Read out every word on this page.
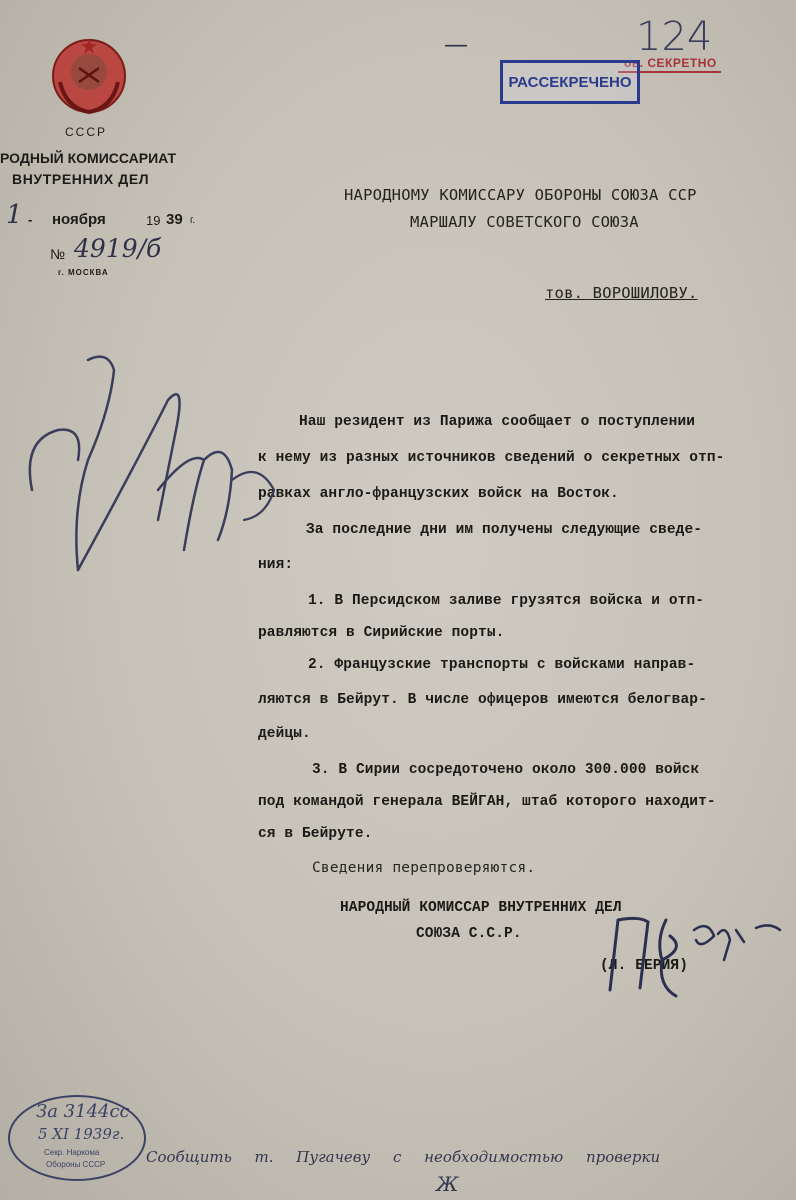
СССР
РОДНЫЙ КОМИССАРИАТ
ВНУТРЕННИХ ДЕЛ
1 - ноября	19 39 г.
№ 4919/б
г. МОСКВА
—
ов. СЕКРЕТНО
РАССЕКРЕЧЕНО
124
НАРОДНОМУ КОМИССАРУ ОБОРОНЫ СОЮЗА ССР
МАРШАЛУ СОВЕТСКОГО СОЮЗА
тов. ВОРОШИЛОВУ.
Наш резидент из Парижа сообщает о поступлении
к нему из разных источников сведений о секретных отп-
равках англо-французских войск на Восток.
За последние дни им получены следующие сведе-
ния:
1. В Персидском заливе грузятся войска и отп-
равляются в Сирийские порты.
2. Французские транспорты с войсками направ-
ляются в Бейрут. В числе офицеров имеются белогвар-
дейцы.
3. В Сирии сосредоточено около 300.000 войск
под командой генерала ВЕЙГАН, штаб которого находит-
ся в Бейруте.
Сведения перепроверяются.
НАРОДНЫЙ КОМИССАР ВНУТРЕННИХ ДЕЛ
СОЮЗА С.С.Р.
(Л. БЕРИЯ)
За 3144сс
5 XI 1939г.
Секр. Наркома
Обороны СССР	Сообщить т. Пугачеву с необходимостью проверки
Ж
